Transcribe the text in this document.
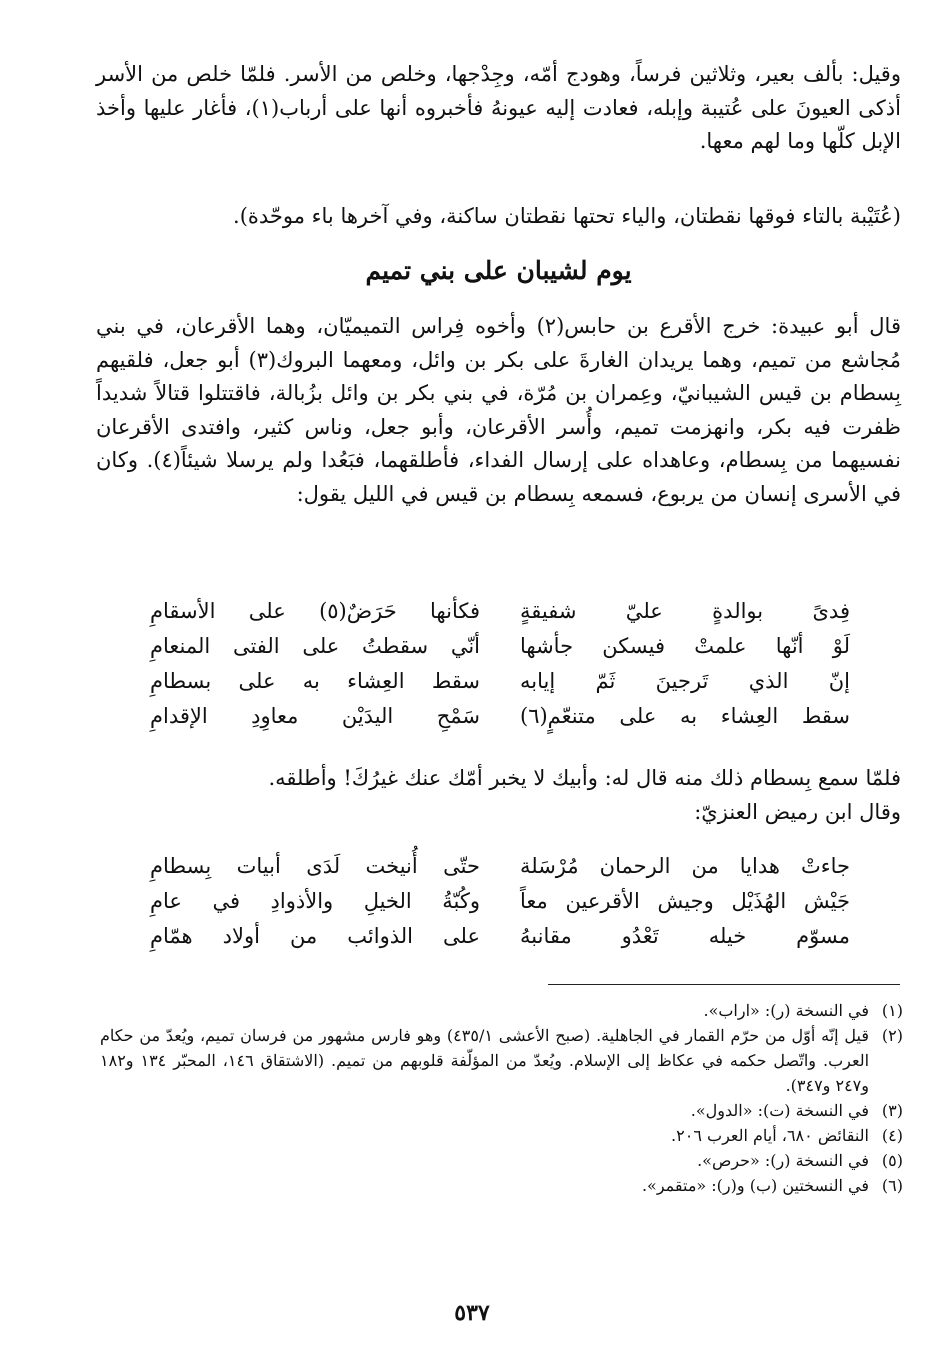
وقيل: بألف بعير، وثلاثين فرساً، وهودج أمّه، وجِدْجها، وخلص من الأسر. فلمّا خلص من الأسر أذكى العيونَ على عُتيبة وإبله، فعادت إليه عيونهُ فأخبروه أنها على أرباب(١)، فأغار عليها وأخذ الإبل كلّها وما لهم معها.

(عُتَيْبة بالتاء فوقها نقطتان، والياء تحتها نقطتان ساكنة، وفي آخرها باء موحّدة).

يوم لشيبان على بني تميم

قال أبو عبيدة: خرج الأقرع بن حابس(٢) وأخوه فِراس التميميّان، وهما الأقرعان، في بني مُجاشع من تميم، وهما يريدان الغارةَ على بكر بن وائل، ومعهما البروك(٣) أبو جعل، فلقيهم بِسطام بن قيس الشيبانيّ، وعِمران بن مُرّة، في بني بكر بن وائل بزُبالة، فاقتتلوا قتالاً شديداً ظفرت فيه بكر، وانهزمت تميم، وأُسر الأقرعان، وأبو جعل، وناس كثير، وافتدى الأقرعان نفسيهما من بِسطام، وعاهداه على إرسال الفداء، فأطلقهما، فبَعُدا ولم يرسلا شيئاً(٤). وكان في الأسرى إنسان من يربوع، فسمعه بِسطام بن قيس في الليل يقول:

فِدىً بوالدةٍ عليّ شفيقةٍ
فكأنها حَرَضٌ(٥) على الأسقامِ
لَوْ أنّها علمتْ فيسكن جأشها
أنّي سقطتُ على الفتى المنعامِ
إنّ الذي تَرجينَ ثَمّ إيابه
سقط العِشاء به على بسطامِ
سقط العِشاء به على متنعّمٍ(٦)
سَمْحِ اليدَيْن معاوِدِ الإقدامِ
فلمّا سمع بِسطام ذلك منه قال له: وأبيك لا يخبر أمّك عنك غيرُكَ! وأطلقه.
وقال ابن رميض العنزيّ:
جاءتْ هدايا من الرحمان مُرْسَلة
حتّى أُنيخت لَدَى أبيات بِسطامِ
جَيْش الهُذَيْل وجيش الأقرعين معاً
وكُبّةُ الخيلِ والأذوادِ في عامِ
مسوّم خيله تَعْدُو مقانبهُ
على الذوائب من أولاد همّامِ
(١)
في النسخة (ر): «اراب».
(٢)
قيل إنّه أوّل من حرّم القمار في الجاهلية. (صبح الأعشى ٤٣٥/١) وهو فارس مشهور من فرسان تميم، ويُعدّ من حكام العرب. واتّصل حكمه في عكاظ إلى الإسلام. ويُعدّ من المؤلّفة قلوبهم من تميم. (الاشتقاق ١٤٦، المحبّر ١٣٤ و١٨٢ و٢٤٧ و٣٤٧).
(٣)
في النسخة (ت): «الدول».
(٤)
النقائض ٦٨٠، أيام العرب ٢٠٦.
(٥)
في النسخة (ر): «حرص».
(٦)
في النسختين (ب) و(ر): «متقمر».
٥٣٧
